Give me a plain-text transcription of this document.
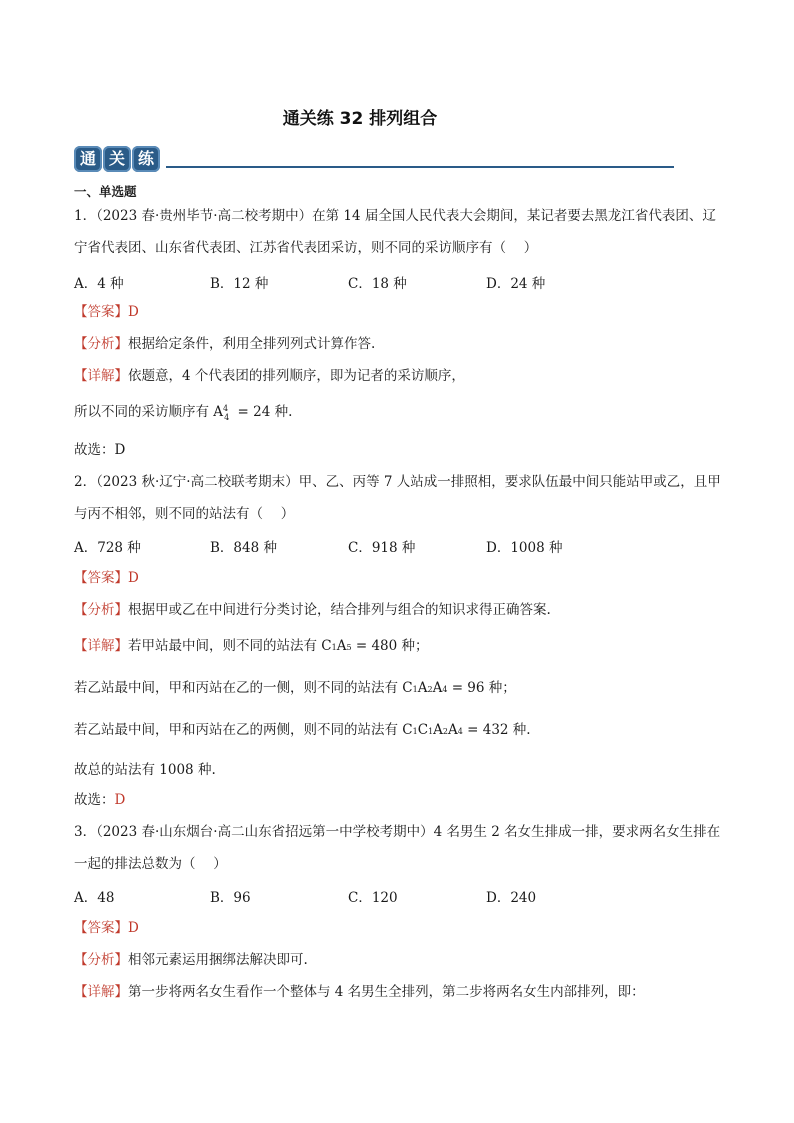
通关练 32 排列组合
通 关 练
一、单选题
1．（2023 春·贵州毕节·高二校考期中）在第 14 届全国人民代表大会期间，某记者要去黑龙江省代表团、辽
宁省代表团、山东省代表团、江苏省代表团采访，则不同的采访顺序有（　 ）
A．4 种	B．12 种	C．18 种	D．24 种
【答案】D
【分析】根据给定条件，利用全排列列式计算作答.
【详解】依题意，4 个代表团的排列顺序，即为记者的采访顺序，
所以不同的采访顺序有 $A^4_4 = 24$ 种.
故选：D
2．（2023 秋·辽宁·高二校联考期末）甲、乙、丙等 7 人站成一排照相，要求队伍最中间只能站甲或乙，且甲
与丙不相邻，则不同的站法有（　 ）
A．728 种	B．848 种	C．918 种	D．1008 种
【答案】D
【分析】根据甲或乙在中间进行分类讨论，结合排列与组合的知识求得正确答案.
【详解】若甲站最中间，则不同的站法有 C1A5 = 480 种；
若乙站最中间，甲和丙站在乙的一侧，则不同的站法有 C1A2A4 = 96 种；
若乙站最中间，甲和丙站在乙的两侧，则不同的站法有 C1C1A2A4 = 432 种.
故总的站法有 1008 种.
故选：D
3．（2023 春·山东烟台·高二山东省招远第一中学校考期中）4 名男生 2 名女生排成一排，要求两名女生排在
一起的排法总数为（　 ）
A．48	B．96	C．120	D．240
【答案】D
【分析】相邻元素运用捆绑法解决即可.
【详解】第一步将两名女生看作一个整体与 4 名男生全排列，第二步将两名女生内部排列，即：
